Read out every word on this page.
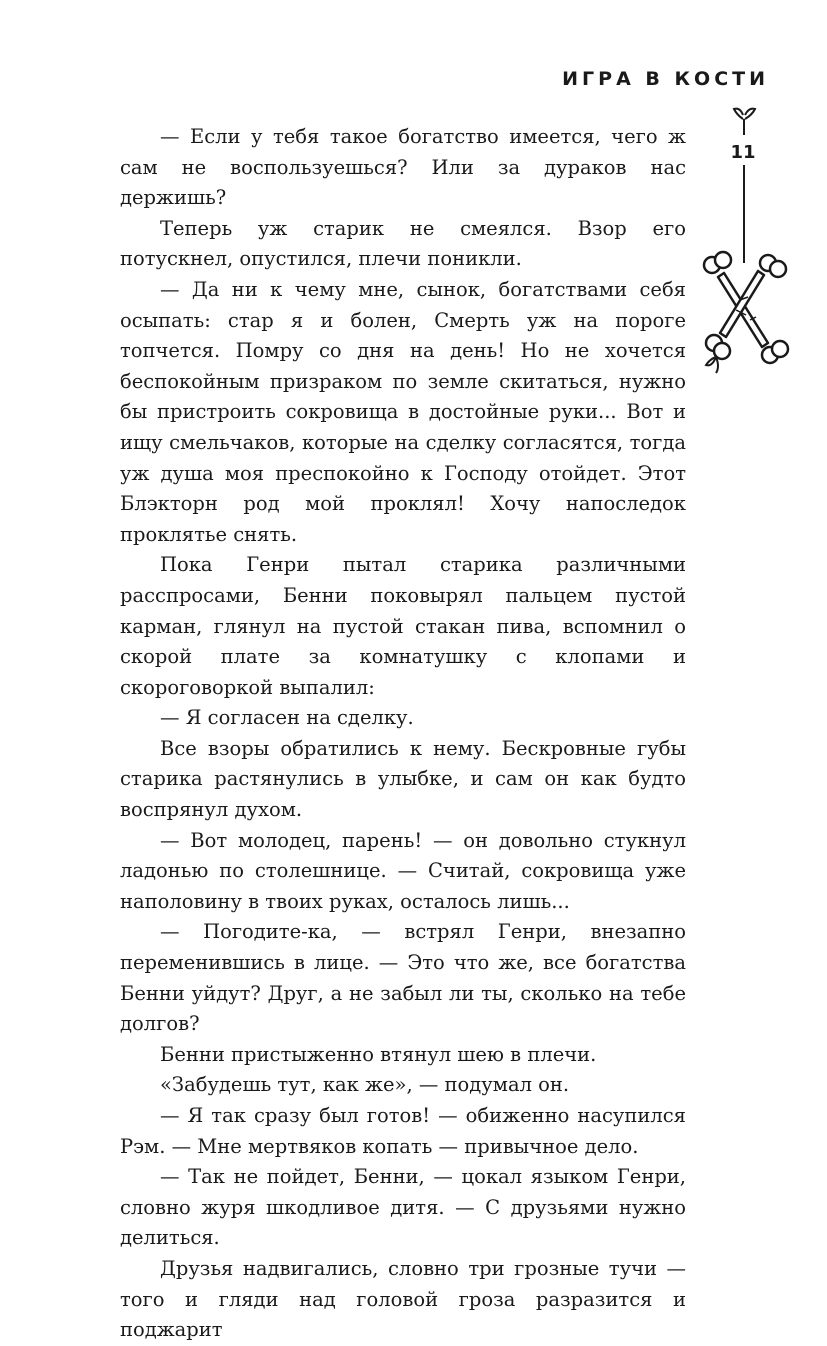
ИГРА В КОСТИ
11

— Если у тебя такое богатство имеется, чего ж сам не воспользуешься? Или за дураков нас держишь?

Теперь уж старик не смеялся. Взор его потускнел, опустился, плечи поникли.

— Да ни к чему мне, сынок, богатствами себя осыпать: стар я и болен, Смерть уж на пороге топчется. Помру со дня на день! Но не хочется беспокойным призраком по земле скитаться, нужно бы пристроить сокровища в достойные руки... Вот и ищу смельчаков, которые на сделку согласятся, тогда уж душа моя преспокойно к Господу отойдет. Этот Блэкторн род мой проклял! Хочу напоследок проклятье снять.

Пока Генри пытал старика различными расспросами, Бенни поковырял пальцем пустой карман, глянул на пустой стакан пива, вспомнил о скорой плате за комнатушку с клопами и скороговоркой выпалил:

— Я согласен на сделку.

Все взоры обратились к нему. Бескровные губы старика растянулись в улыбке, и сам он как будто воспрянул духом.

— Вот молодец, парень! — он довольно стукнул ладонью по столешнице. — Считай, сокровища уже наполовину в твоих руках, осталось лишь...

— Погодите-ка, — встрял Генри, внезапно переменившись в лице. — Это что же, все богатства Бенни уйдут? Друг, а не забыл ли ты, сколько на тебе долгов?

Бенни пристыженно втянул шею в плечи.

«Забудешь тут, как же», — подумал он.

— Я так сразу был готов! — обиженно насупился Рэм. — Мне мертвяков копать — привычное дело.

— Так не пойдет, Бенни, — цокал языком Генри, словно журя шкодливое дитя. — С друзьями нужно делиться.

Друзья надвигались, словно три грозные тучи — того и гляди над головой гроза разразится и поджарит
